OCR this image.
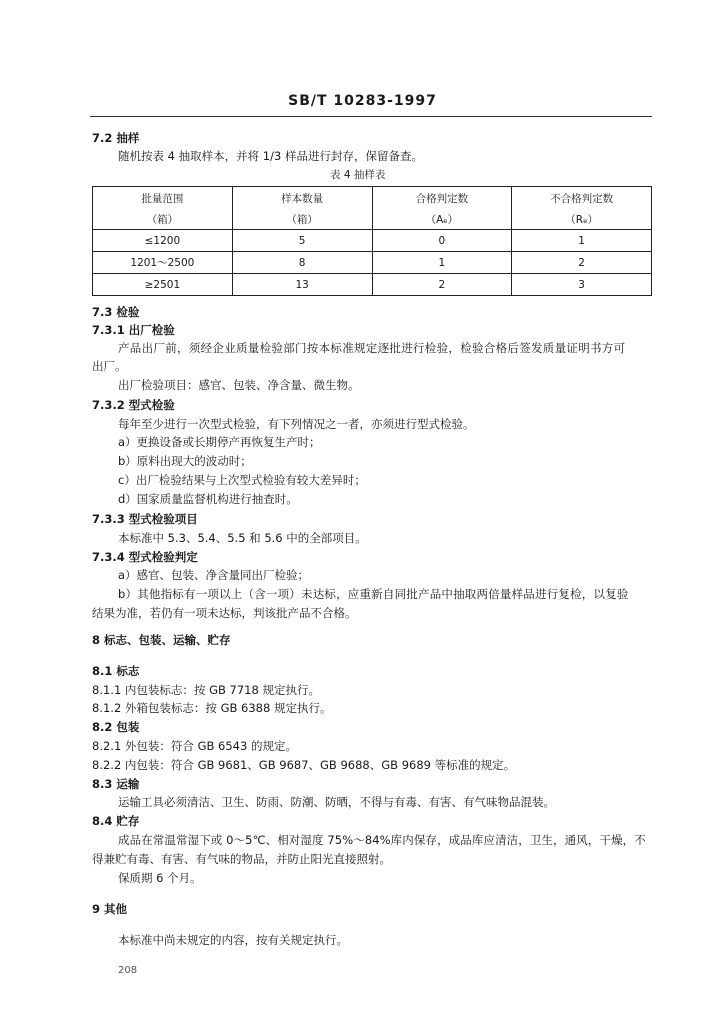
SB/T 10283-1997
7.2 抽样
随机按表 4 抽取样本，并将 1/3 样品进行封存，保留备查。
表 4 抽样表
批量范围	样本数量	合格判定数	不合格判定数
（箱）	（箱）	（Aₑ）	（Rₑ）
≤1200	5	0	1
1201～2500	8	1	2
≥2501	13	2	3
7.3 检验
7.3.1 出厂检验
产品出厂前，须经企业质量检验部门按本标准规定逐批进行检验，检验合格后签发质量证明书方可
出厂。
出厂检验项目：感官、包装、净含量、微生物。
7.3.2 型式检验
每年至少进行一次型式检验，有下列情况之一者，亦须进行型式检验。
a）更换设备或长期停产再恢复生产时；
b）原料出现大的波动时；
c）出厂检验结果与上次型式检验有较大差异时；
d）国家质量监督机构进行抽查时。
7.3.3 型式检验项目
本标准中 5.3、5.4、5.5 和 5.6 中的全部项目。
7.3.4 型式检验判定
a）感官、包装、净含量同出厂检验；
b）其他指标有一项以上（含一项）未达标，应重新自同批产品中抽取两倍量样品进行复检，以复验
结果为准，若仍有一项未达标，判该批产品不合格。
8 标志、包装、运输、贮存
8.1 标志
8.1.1 内包装标志：按 GB 7718 规定执行。
8.1.2 外箱包装标志：按 GB 6388 规定执行。
8.2 包装
8.2.1 外包装：符合 GB 6543 的规定。
8.2.2 内包装：符合 GB 9681、GB 9687、GB 9688、GB 9689 等标准的规定。
8.3 运输
运输工具必须清洁、卫生、防雨、防潮、防晒，不得与有毒、有害、有气味物品混装。
8.4 贮存
成品在常温常湿下或 0～5℃、相对湿度 75%～84%库内保存，成品库应清洁，卫生，通风，干燥，不
得兼贮有毒、有害、有气味的物品，并防止阳光直接照射。
保质期 6 个月。
9 其他
本标准中尚未规定的内容，按有关规定执行。
208
